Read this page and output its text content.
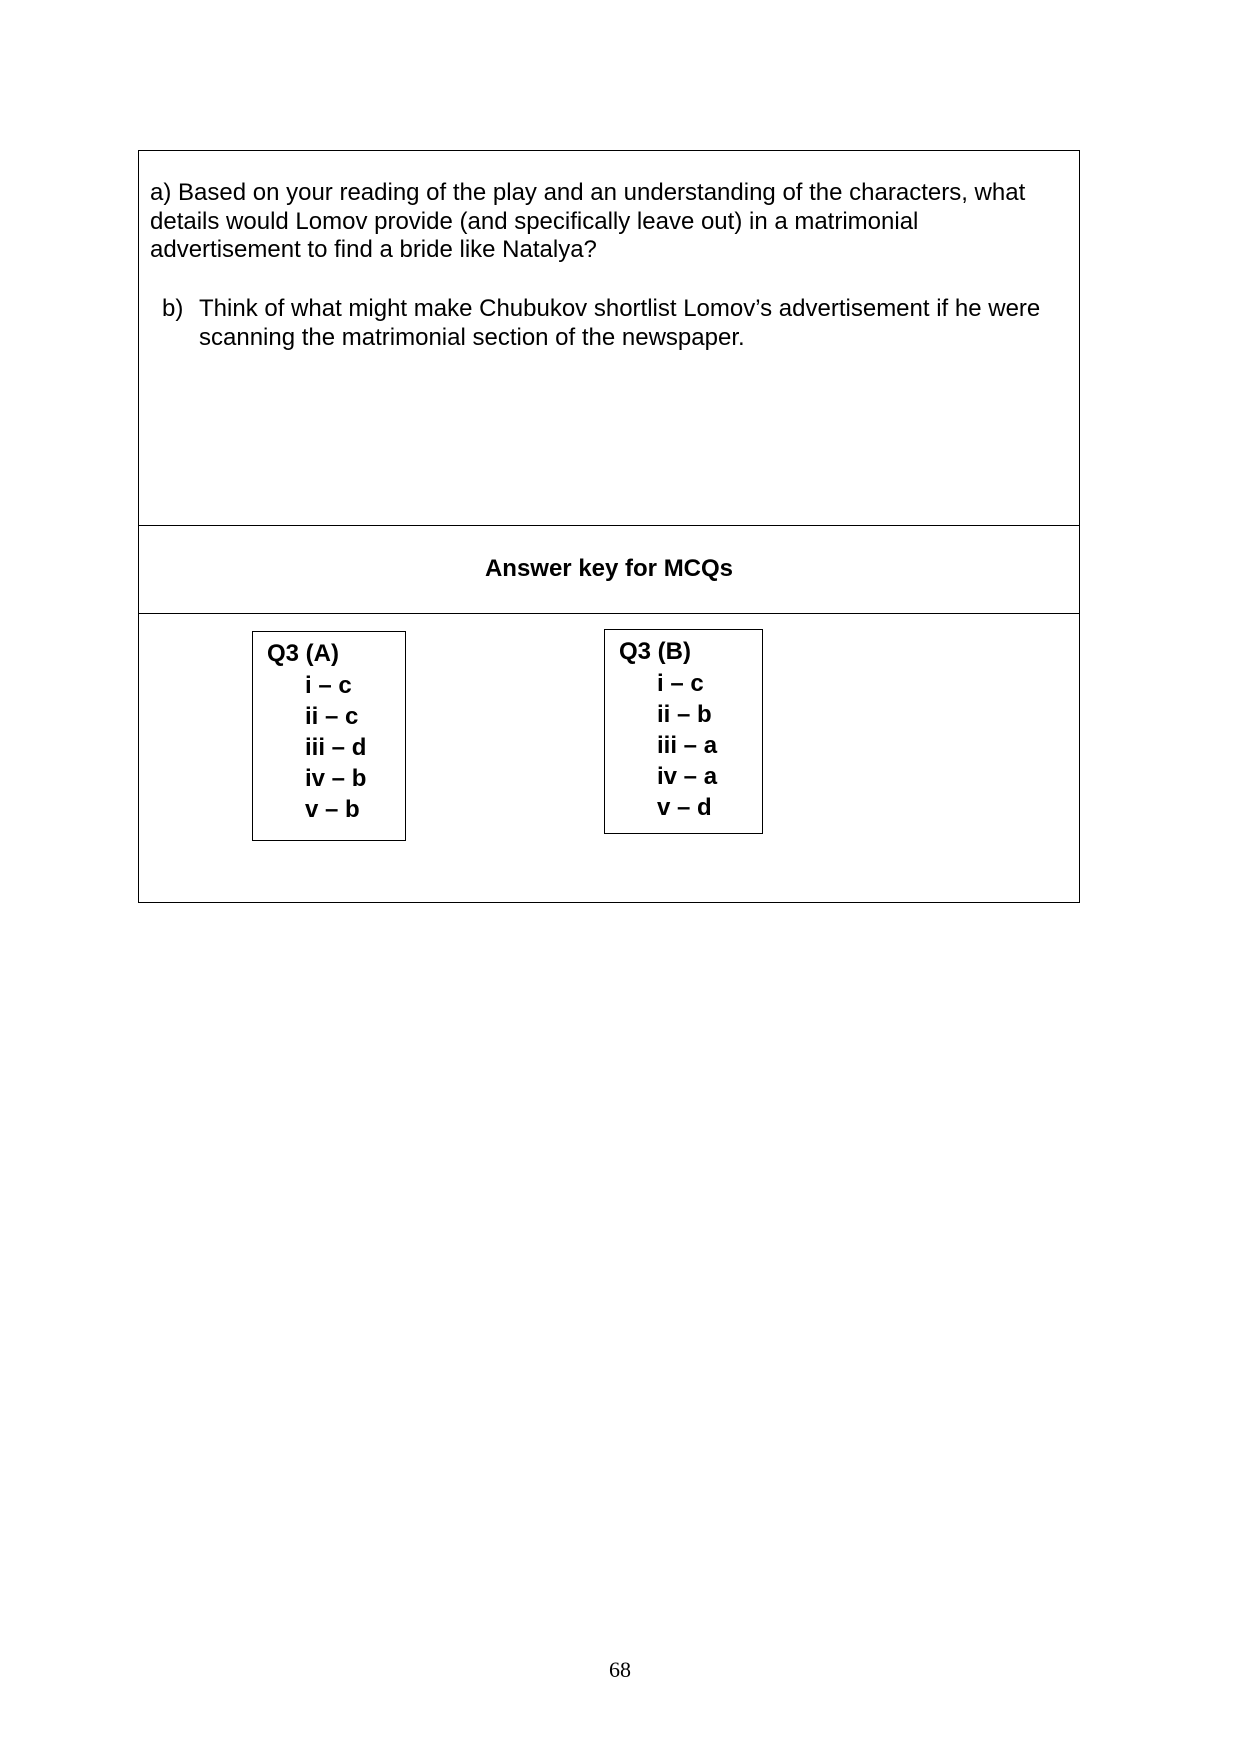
a) Based on your reading of the play and an understanding of the characters, what details would Lomov provide (and specifically leave out) in a matrimonial advertisement to find a bride like Natalya?
b) Think of what might make Chubukov shortlist Lomov’s advertisement if he were scanning the matrimonial section of the newspaper.
Answer key for MCQs
Q3 (A)
i – c
ii – c
iii – d
iv – b
v – b
Q3 (B)
i – c
ii – b
iii – a
iv – a
v – d
68
